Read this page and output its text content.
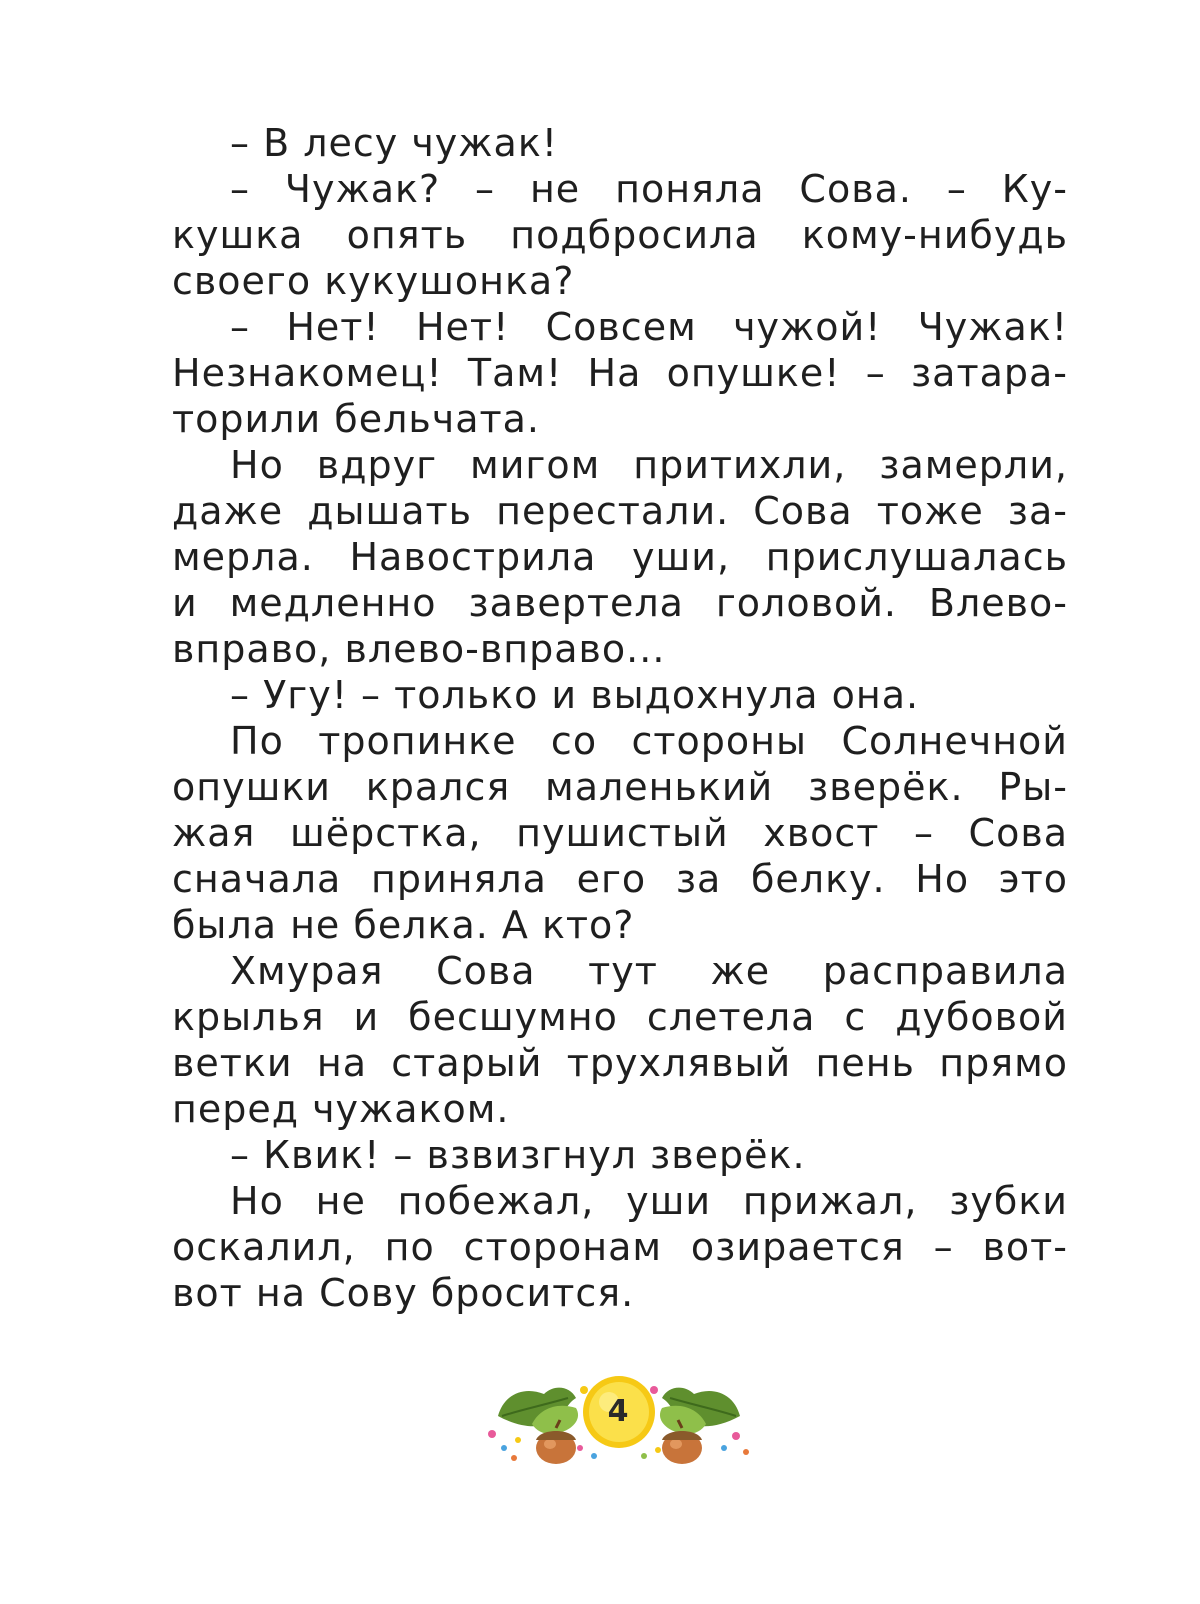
– В лесу чужак!
– Чужак? – не поняла Сова. – Ку-
кушка опять подбросила кому-нибудь
своего кукушонка?
– Нет! Нет! Совсем чужой! Чужак!
Незнакомец! Там! На опушке! – затара-
торили бельчата.
Но вдруг мигом притихли, замерли,
даже дышать перестали. Сова тоже за-
мерла. Навострила уши, прислушалась
и медленно завертела головой. Влево-
вправо, влево-вправо...
– Угу! – только и выдохнула она.
По тропинке со стороны Солнечной
опушки крался маленький зверёк. Ры-
жая шёрстка, пушистый хвост – Сова
сначала приняла его за белку. Но это
была не белка. А кто?
Хмурая Сова тут же расправила
крылья и бесшумно слетела с дубовой
ветки на старый трухлявый пень прямо
перед чужаком.
– Квик! – взвизгнул зверёк.
Но не побежал, уши прижал, зубки
оскалил, по сторонам озирается – вот-
вот на Сову бросится.
4
